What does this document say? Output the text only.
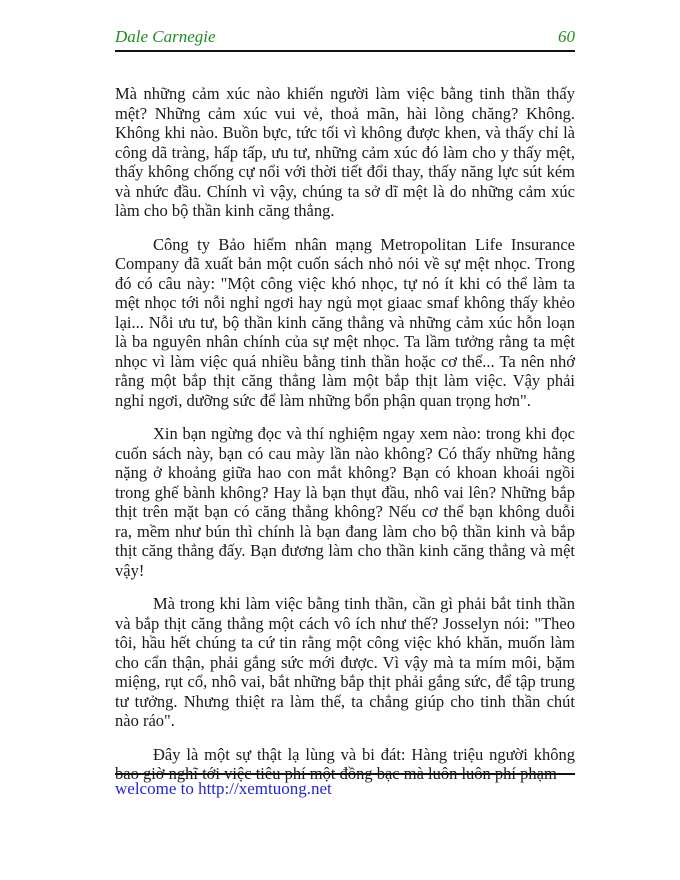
Dale Carnegie	60

Mà những cảm xúc nào khiến người làm việc bằng tinh thần thấy mệt? Những cảm xúc vui vẻ, thoả mãn, hài lòng chăng? Không. Không khi nào. Buồn bực, tức tối vì không được khen, và thấy chỉ là công dã tràng, hấp tấp, ưu tư, những cảm xúc đó làm cho y thấy mệt, thấy không chống cự nổi với thời tiết đổi thay, thấy năng lực sút kém và nhức đầu. Chính vì vậy, chúng ta sở dĩ mệt là do những cảm xúc làm cho bộ thần kinh căng thẳng.

Công ty Bảo hiểm nhân mạng Metropolitan Life Insurance Company đã xuất bản một cuốn sách nhỏ nói về sự mệt nhọc. Trong đó có câu này: "Một công việc khó nhọc, tự nó ít khi có thể làm ta mệt nhọc tới nỗi nghỉ ngơi hay ngủ mọt giaac smaf không thấy khẻo lại... Nỗi ưu tư, bộ thần kinh căng thẳng và những cảm xúc hỗn loạn là ba nguyên nhân chính của sự mệt nhọc. Ta lầm tưởng rằng ta mệt nhọc vì làm việc quá nhiều bằng tinh thần hoặc cơ thể... Ta nên nhớ rằng một bắp thịt căng thẳng làm một bắp thịt làm việc. Vậy phải nghỉ ngơi, dưỡng sức để làm những bổn phận quan trọng hơn".

Xin bạn ngừng đọc và thí nghiệm ngay xem nào: trong khi đọc cuốn sách này, bạn có cau mày lần nào không? Có thấy những hằng nặng ở khoảng giữa hao con mắt không? Bạn có khoan khoái ngồi trong ghế bành không? Hay là bạn thụt đầu, nhô vai lên? Những bắp thịt trên mặt bạn có căng thẳng không? Nếu cơ thể bạn không duỗi ra, mềm như bún thì chính là bạn đang làm cho bộ thần kinh và bắp thịt căng thẳng đấy. Bạn đương làm cho thần kinh căng thẳng và mệt vậy!

Mà trong khi làm việc bằng tinh thần, cần gì phải bắt tinh thần và bắp thịt căng thẳng một cách vô ích như thế? Josselyn nói: "Theo tôi, hầu hết chúng ta cứ tin rằng một công việc khó khăn, muốn làm cho cẩn thận, phải gắng sức mới được. Vì vậy mà ta mím môi, bặm miệng, rụt cổ, nhô vai, bắt những bắp thịt phải gắng sức, để tập trung tư tưởng. Nhưng thiệt ra làm thế, ta chẳng giúp cho tinh thần chút nào ráo".

Đây là một sự thật lạ lùng và bi đát: Hàng triệu người không bao giờ nghĩ tới việc tiêu phí một đồng bạc mà luôn luôn phí phạm

welcome to http://xemtuong.net
